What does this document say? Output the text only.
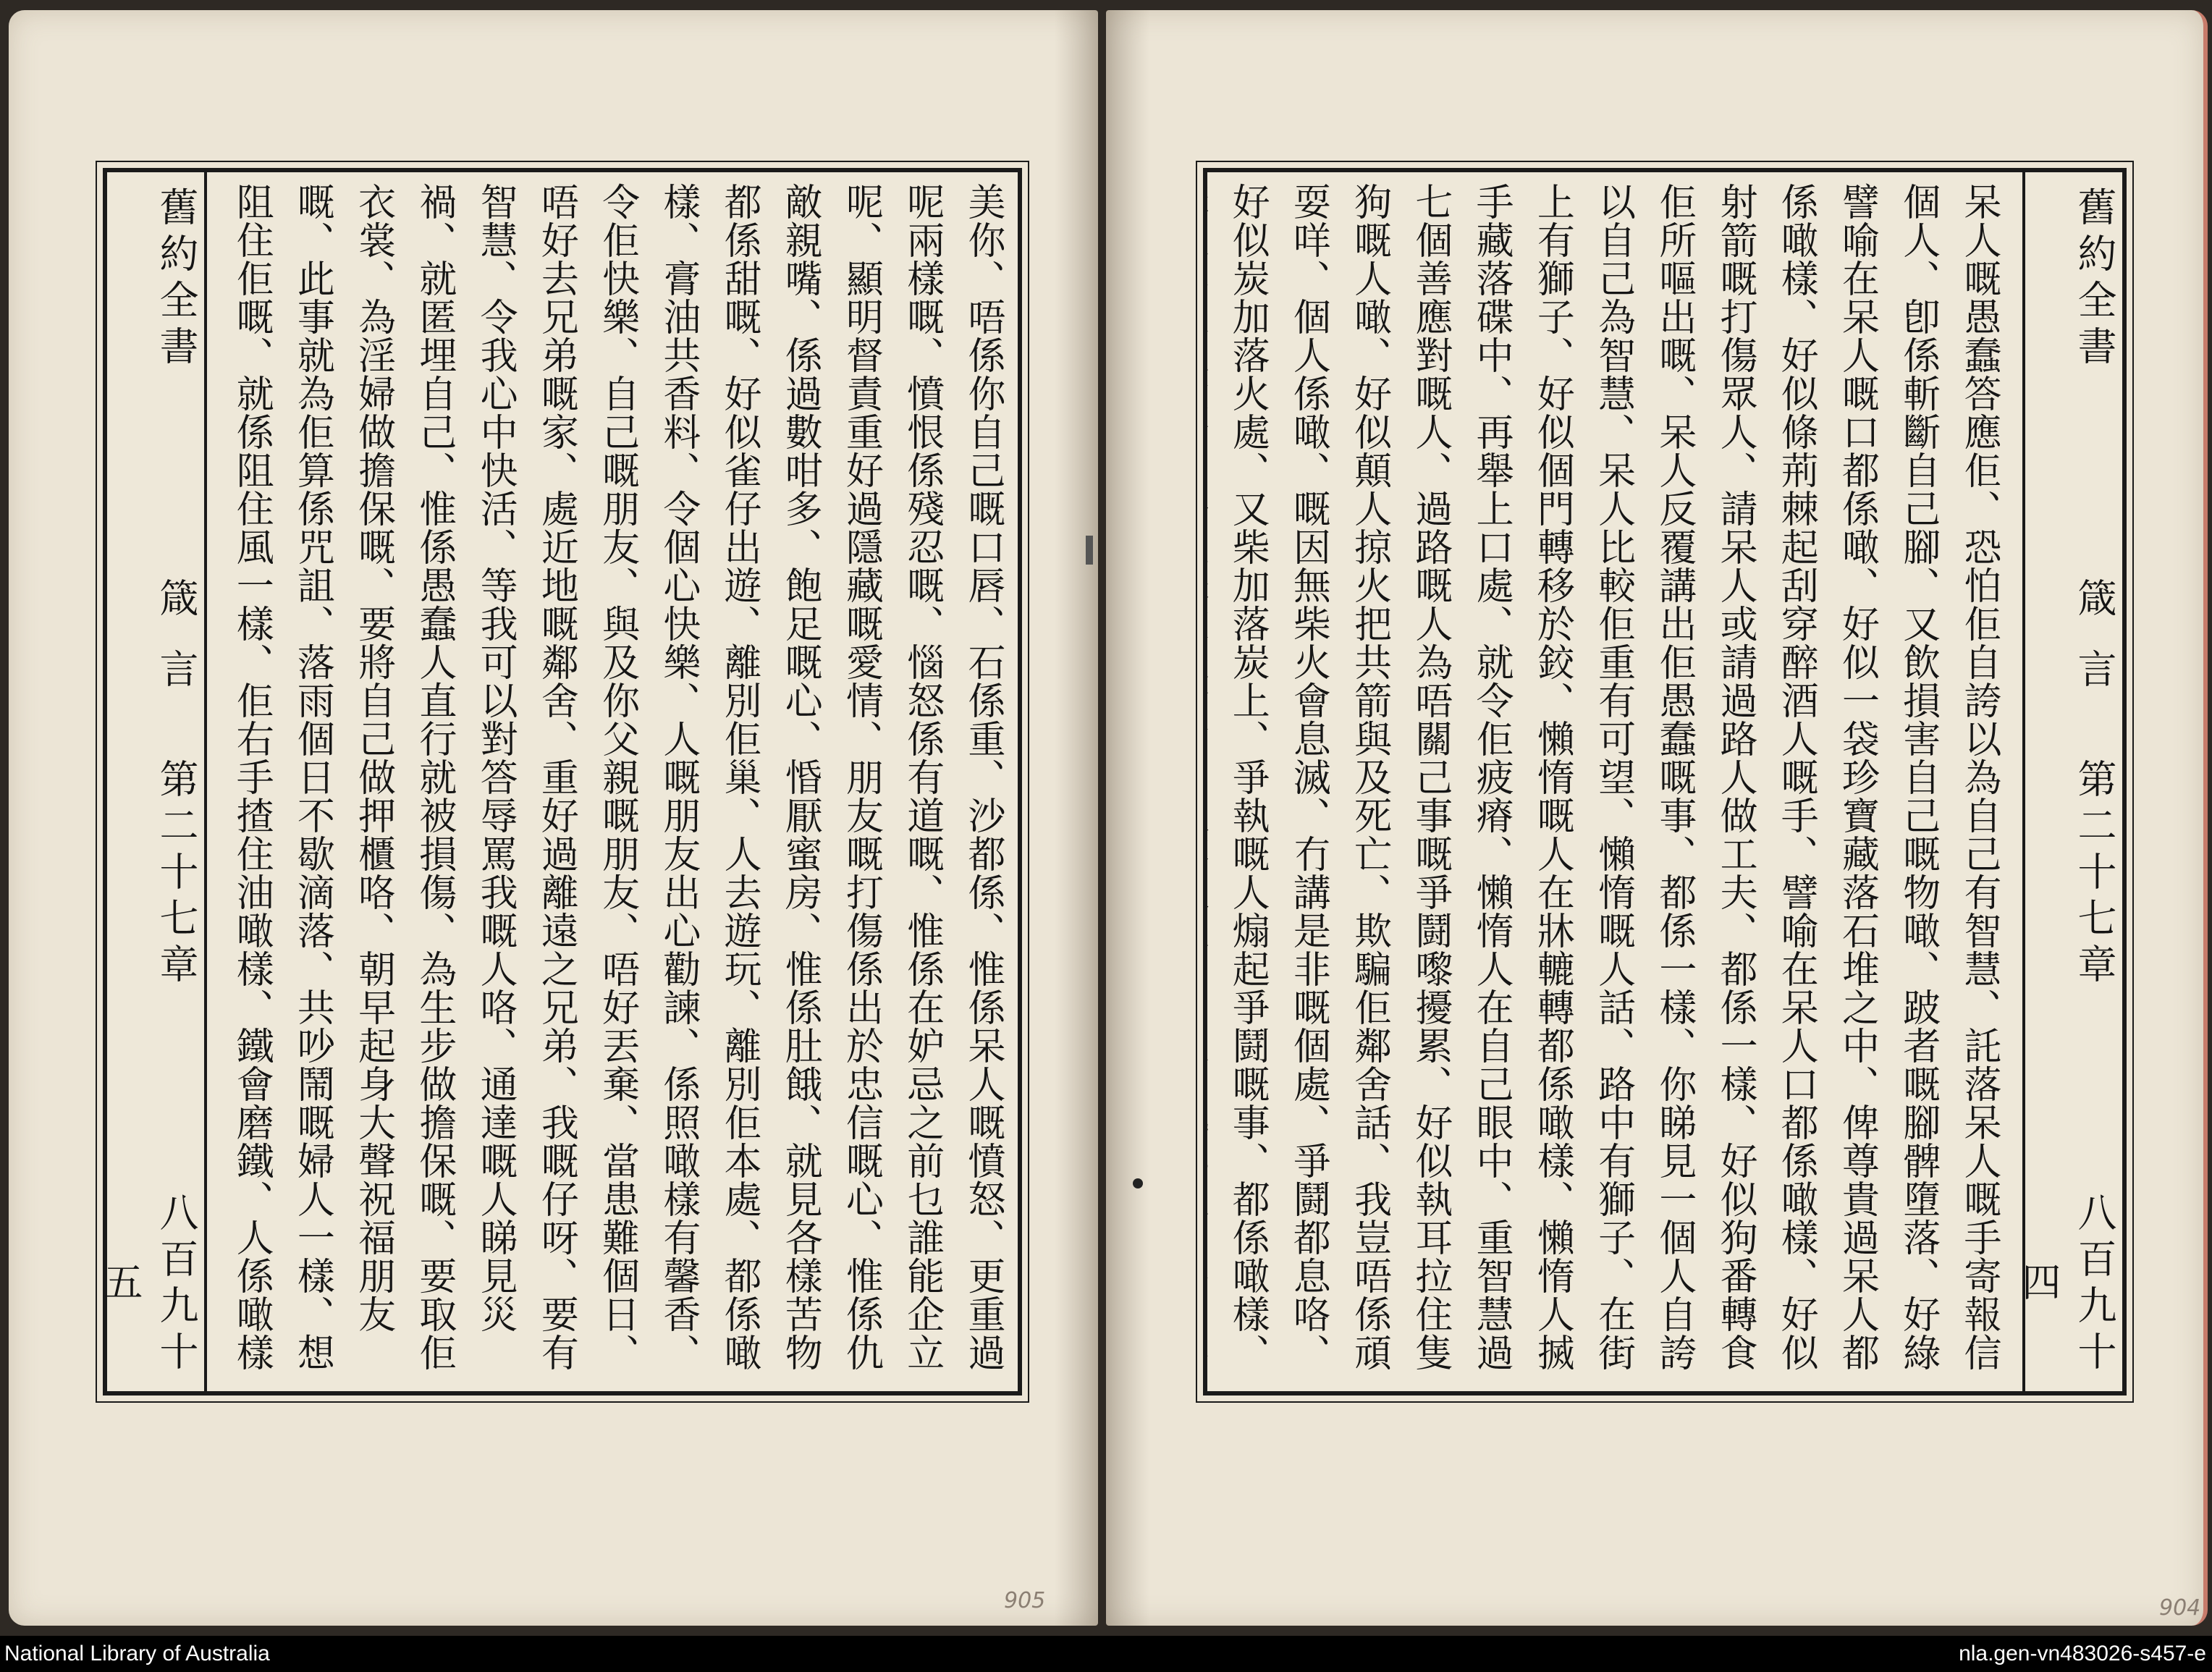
舊約全書
箴言
第二十七章
八百九十五
美你、唔係你自己嘅口唇、石係重、沙都係、惟係呆人嘅憤怒、更重過呢兩樣嘅、憤恨係殘忍嘅、惱怒係有道嘅、惟係在妒忌之前乜誰能企立呢、顯明督責重好過隱藏嘅愛情、朋友嘅打傷係出於忠信嘅心、惟係仇敵親嘴、係過數咁多、飽足嘅心、惛厭蜜房、惟係肚餓、就見各樣苦物都係甜嘅、好似雀仔出遊、離別佢巢、人去遊玩、離別佢本處、都係噉樣、膏油共香料、令個心快樂、人嘅朋友出心勸諫、係照噉樣有馨香、令佢快樂、自己嘅朋友、與及你父親嘅朋友、唔好丟棄、當患難個日、唔好去兄弟嘅家、處近地嘅鄰舍、重好過離遠之兄弟、我嘅仔呀、要有智慧、令我心中快活、等我可以對答辱罵我嘅人咯、通達嘅人睇見災禍、就匿埋自己、惟係愚蠢人直行就被損傷、為生步做擔保嘅、要取佢衣裳、為淫婦做擔保嘅、要將自己做押櫃咯、朝早起身大聲祝福朋友嘅、此事就為佢算係咒詛、落雨個日不歇滴落、共吵鬧嘅婦人一樣、想阻住佢嘅、就係阻住風一樣、佢右手揸住油噉樣、鐵會磨鐵、人係噉樣
905
呆人嘅愚蠢答應佢、恐怕佢自誇以為自己有智慧、託落呆人嘅手寄報信個人、卽係斬斷自己腳、又飲損害自己嘅物噉、跛者嘅腳髀墮落、好綠譬喻在呆人嘅口都係噉、好似一袋珍寶藏落石堆之中、俾尊貴過呆人都係噉樣、好似條荊棘起刮穿醉酒人嘅手、譬喻在呆人口都係噉樣、好似射箭嘅打傷眾人、請呆人或請過路人做工夫、都係一樣、好似狗番轉食佢所嘔出嘅、呆人反覆講出佢愚蠢嘅事、都係一樣、你睇見一個人自誇以自己為智慧、呆人比較佢重有可望、懶惰嘅人話、路中有獅子、在街上有獅子、好似個門轉移於鉸、懶惰嘅人在牀轆轉都係噉樣、懶惰人搣手藏落碟中、再舉上口處、就令佢疲瘠、懶惰人在自己眼中、重智慧過七個善應對嘅人、過路嘅人為唔關己事嘅爭鬪嚟擾累、好似執耳拉住隻狗嘅人噉、好似顛人掠火把共箭與及死亡、欺騙佢鄰舍話、我豈唔係頑耍咩、個人係噉、嘅因無柴火會息滅、冇講是非嘅個處、爭鬪都息咯、好似炭加落火處、又柴加落炭上、爭執嘅人煽起爭鬪嘅事、都係噉樣、
舊約全書
箴言
第二十七章
八百九十四
904
National Library of Australia	nla.gen-vn483026-s457-e
